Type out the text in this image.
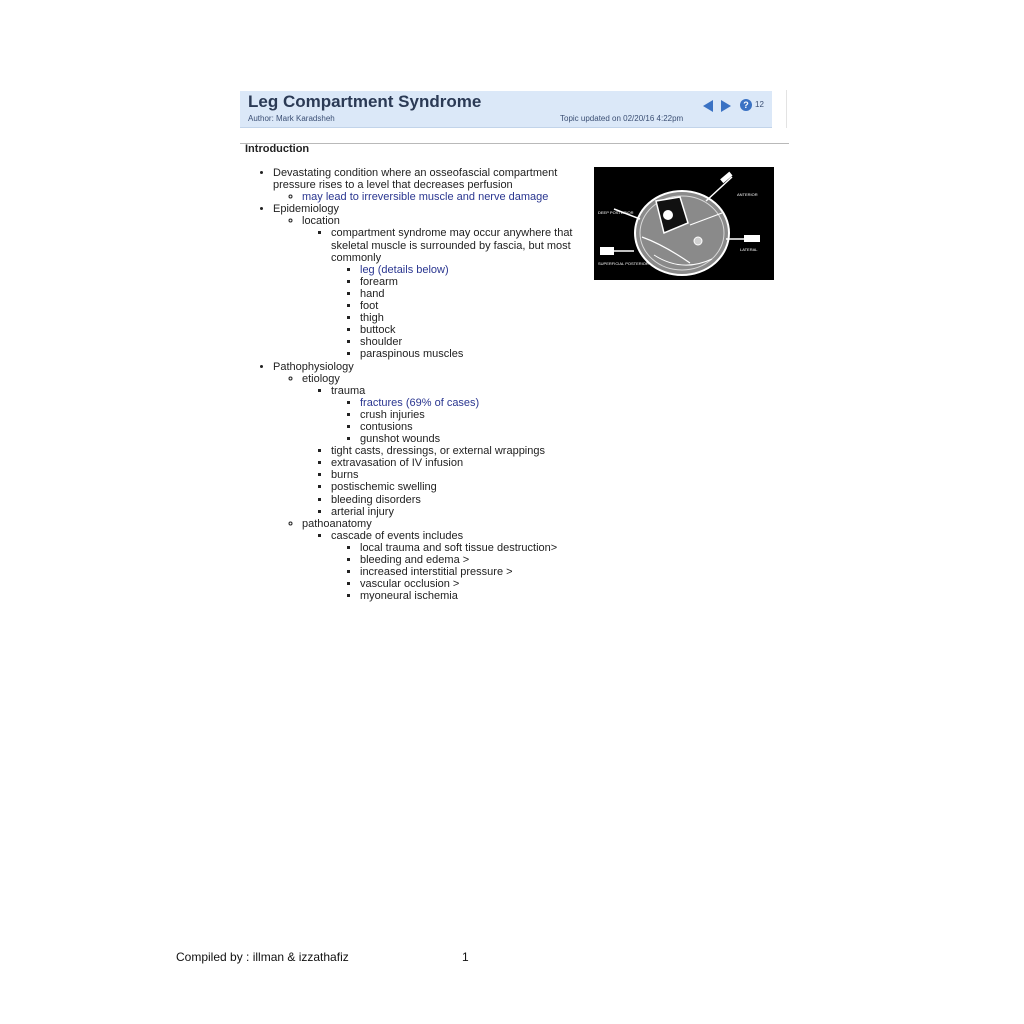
Leg Compartment Syndrome
Author: Mark Karadsheh	Topic updated on 02/20/16 4:22pm
? 12
Introduction
ANTERIOR
DEEP POSTERIOR
SUPERFICIAL POSTERIOR
LATERAL
• Devastating condition where an osseofascial compartment pressure rises to a level that decreases perfusion
◦ may lead to irreversible muscle and nerve damage
• Epidemiology
◦ location
▪ compartment syndrome may occur anywhere that skeletal muscle is surrounded by fascia, but most commonly
▪ leg (details below)
▪ forearm
▪ hand
▪ foot
▪ thigh
▪ buttock
▪ shoulder
▪ paraspinous muscles
• Pathophysiology
◦ etiology
▪ trauma
▪ fractures (69% of cases)
▪ crush injuries
▪ contusions
▪ gunshot wounds
▪ tight casts, dressings, or external wrappings
▪ extravasation of IV infusion
▪ burns
▪ postischemic swelling
▪ bleeding disorders
▪ arterial injury
◦ pathoanatomy
▪ cascade of events includes
▪ local trauma and soft tissue destruction>
▪ bleeding and edema >
▪ increased interstitial pressure >
▪ vascular occlusion >
▪ myoneural ischemia
Compiled by : illman & izzathafiz	1
